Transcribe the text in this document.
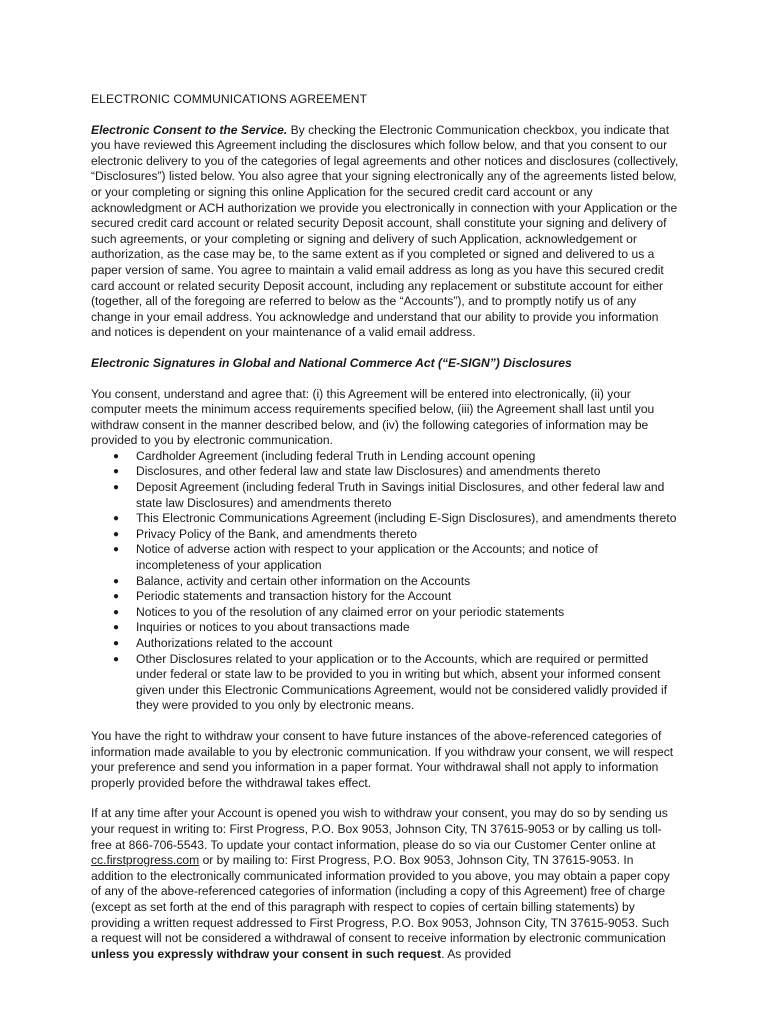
ELECTRONIC COMMUNICATIONS AGREEMENT

Electronic Consent to the Service. By checking the Electronic Communication checkbox, you indicate that you have reviewed this Agreement including the disclosures which follow below, and that you consent to our electronic delivery to you of the categories of legal agreements and other notices and disclosures (collectively, “Disclosures”) listed below. You also agree that your signing electronically any of the agreements listed below, or your completing or signing this online Application for the secured credit card account or any acknowledgment or ACH authorization we provide you electronically in connection with your Application or the secured credit card account or related security Deposit account, shall constitute your signing and delivery of such agreements, or your completing or signing and delivery of such Application, acknowledgement or authorization, as the case may be, to the same extent as if you completed or signed and delivered to us a paper version of same. You agree to maintain a valid email address as long as you have this secured credit card account or related security Deposit account, including any replacement or substitute account for either (together, all of the foregoing are referred to below as the “Accounts”), and to promptly notify us of any change in your email address. You acknowledge and understand that our ability to provide you information and notices is dependent on your maintenance of a valid email address.

Electronic Signatures in Global and National Commerce Act (“E-SIGN”) Disclosures

You consent, understand and agree that: (i) this Agreement will be entered into electronically, (ii) your computer meets the minimum access requirements specified below, (iii) the Agreement shall last until you withdraw consent in the manner described below, and (iv) the following categories of information may be provided to you by electronic communication.

● Cardholder Agreement (including federal Truth in Lending account opening
● Disclosures, and other federal law and state law Disclosures) and amendments thereto
● Deposit Agreement (including federal Truth in Savings initial Disclosures, and other federal law and state law Disclosures) and amendments thereto
● This Electronic Communications Agreement (including E-Sign Disclosures), and amendments thereto
● Privacy Policy of the Bank, and amendments thereto
● Notice of adverse action with respect to your application or the Accounts; and notice of incompleteness of your application
● Balance, activity and certain other information on the Accounts
● Periodic statements and transaction history for the Account
● Notices to you of the resolution of any claimed error on your periodic statements
● Inquiries or notices to you about transactions made
● Authorizations related to the account
● Other Disclosures related to your application or to the Accounts, which are required or permitted under federal or state law to be provided to you in writing but which, absent your informed consent given under this Electronic Communications Agreement, would not be considered validly provided if they were provided to you only by electronic means.

You have the right to withdraw your consent to have future instances of the above-referenced categories of information made available to you by electronic communication. If you withdraw your consent, we will respect your preference and send you information in a paper format. Your withdrawal shall not apply to information properly provided before the withdrawal takes effect.

If at any time after your Account is opened you wish to withdraw your consent, you may do so by sending us your request in writing to: First Progress, P.O. Box 9053, Johnson City, TN 37615-9053 or by calling us toll-free at 866-706-5543. To update your contact information, please do so via our Customer Center online at cc.firstprogress.com or by mailing to: First Progress, P.O. Box 9053, Johnson City, TN 37615-9053. In addition to the electronically communicated information provided to you above, you may obtain a paper copy of any of the above-referenced categories of information (including a copy of this Agreement) free of charge (except as set forth at the end of this paragraph with respect to copies of certain billing statements) by providing a written request addressed to First Progress, P.O. Box 9053, Johnson City, TN 37615-9053. Such a request will not be considered a withdrawal of consent to receive information by electronic communication unless you expressly withdraw your consent in such request. As provided
